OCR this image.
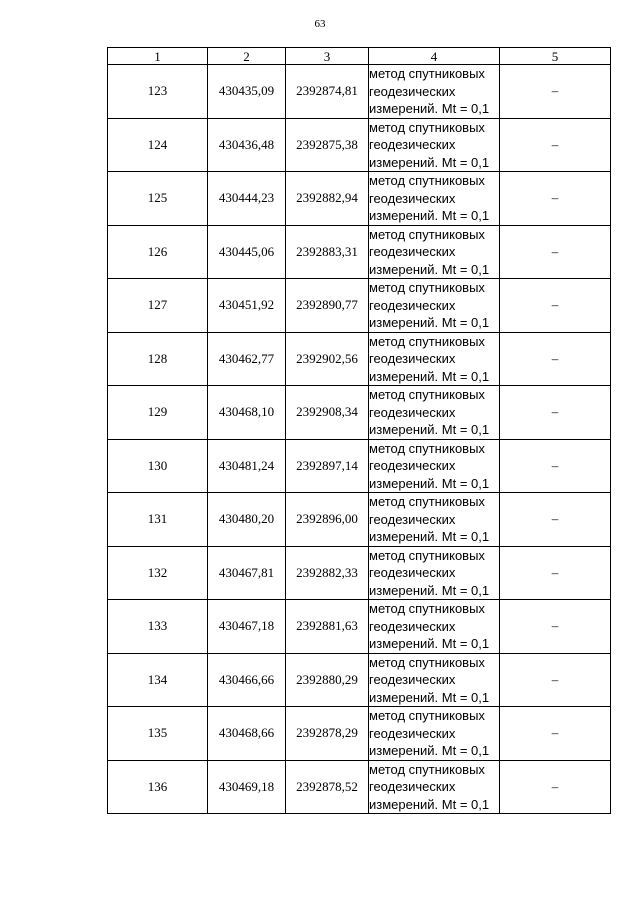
63
1	2	3	4	5
123	430435,09	2392874,81	метод спутниковых
геодезических
измерений. Mt = 0,1	–
124	430436,48	2392875,38	метод спутниковых
геодезических
измерений. Mt = 0,1	–
125	430444,23	2392882,94	метод спутниковых
геодезических
измерений. Mt = 0,1	–
126	430445,06	2392883,31	метод спутниковых
геодезических
измерений. Mt = 0,1	–
127	430451,92	2392890,77	метод спутниковых
геодезических
измерений. Mt = 0,1	–
128	430462,77	2392902,56	метод спутниковых
геодезических
измерений. Mt = 0,1	–
129	430468,10	2392908,34	метод спутниковых
геодезических
измерений. Mt = 0,1	–
130	430481,24	2392897,14	метод спутниковых
геодезических
измерений. Mt = 0,1	–
131	430480,20	2392896,00	метод спутниковых
геодезических
измерений. Mt = 0,1	–
132	430467,81	2392882,33	метод спутниковых
геодезических
измерений. Mt = 0,1	–
133	430467,18	2392881,63	метод спутниковых
геодезических
измерений. Mt = 0,1	–
134	430466,66	2392880,29	метод спутниковых
геодезических
измерений. Mt = 0,1	–
135	430468,66	2392878,29	метод спутниковых
геодезических
измерений. Mt = 0,1	–
136	430469,18	2392878,52	метод спутниковых
геодезических
измерений. Mt = 0,1	–
